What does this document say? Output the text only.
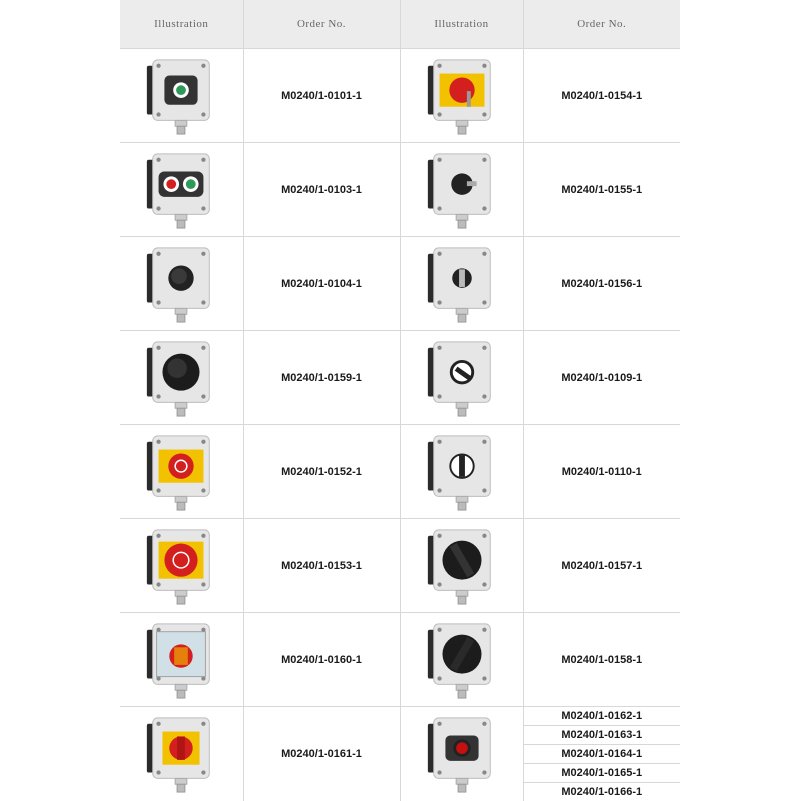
Illustration	Order No.	Illustration	Order No.

	M0240/1-0101-1		M0240/1-0154-1

	M0240/1-0103-1		M0240/1-0155-1

	M0240/1-0104-1		M0240/1-0156-1

	M0240/1-0159-1		M0240/1-0109-1

	M0240/1-0152-1		M0240/1-0110-1

	M0240/1-0153-1		M0240/1-0157-1

	M0240/1-0160-1		M0240/1-0158-1

	M0240/1-0161-1		M0240/1-0162-1
M0240/1-0163-1
M0240/1-0164-1
M0240/1-0165-1
M0240/1-0166-1
